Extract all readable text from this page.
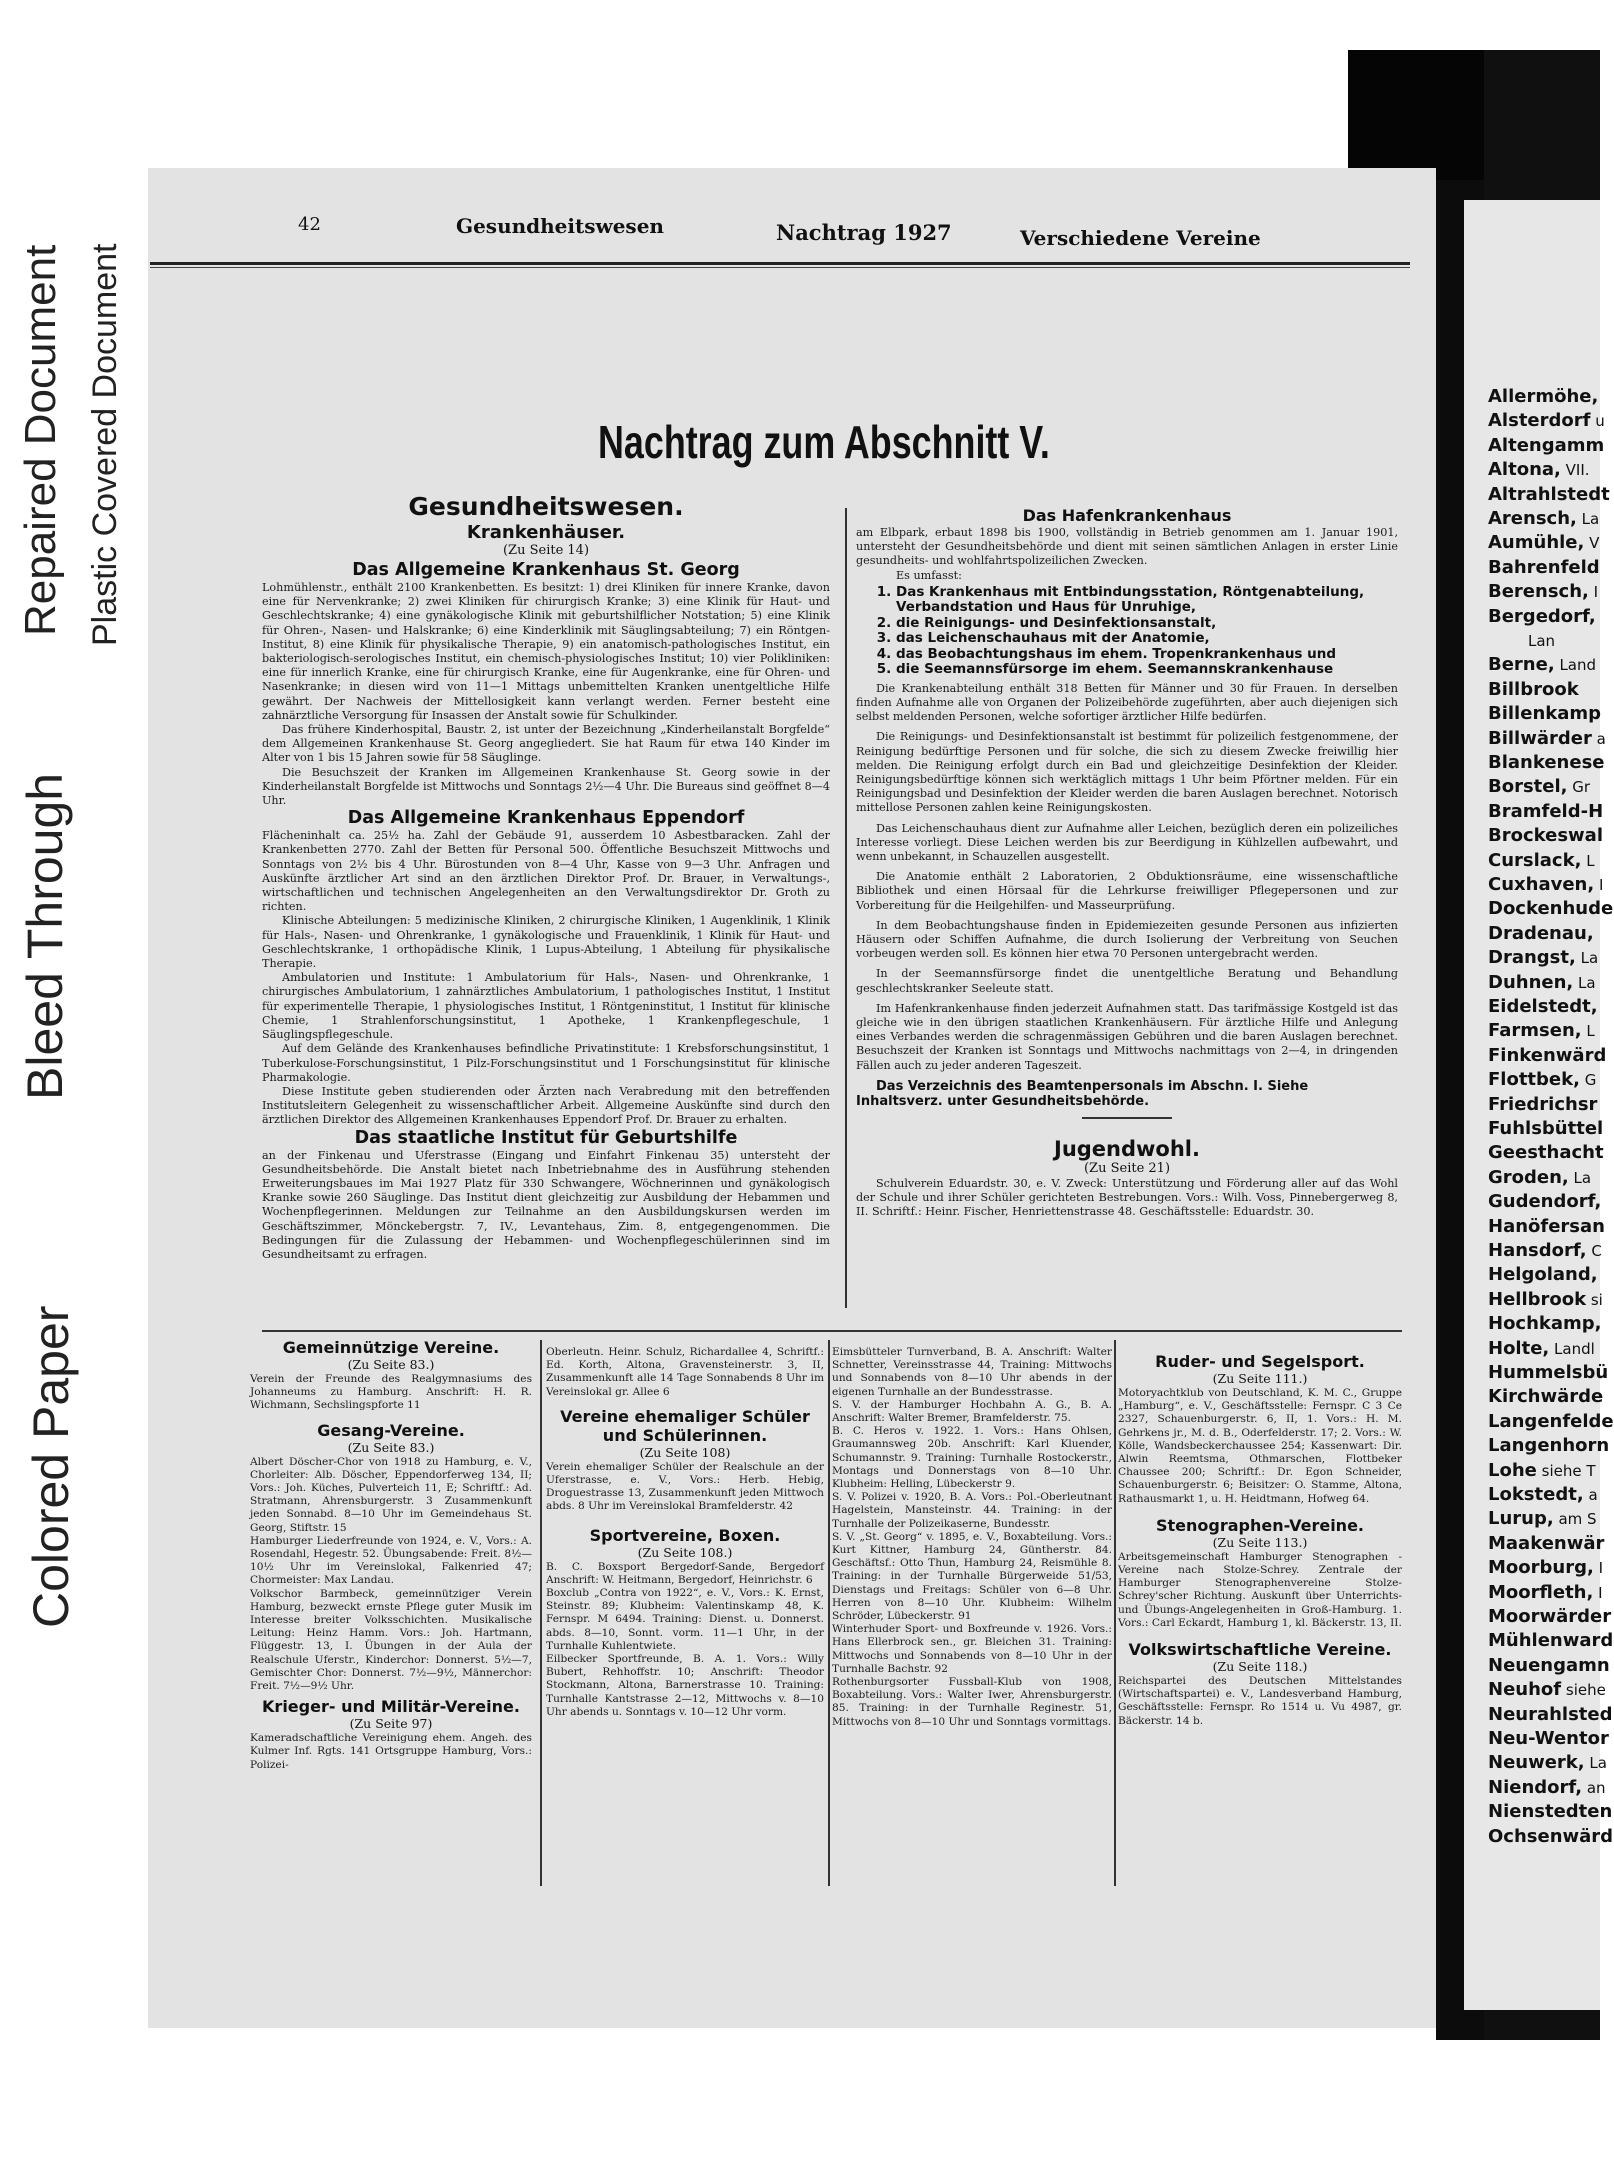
Colored Paper
Bleed Through
Repaired Document Plastic Covered Document	Allermöhe,
Alsterdorf u
Altengamm
Altona, VII.
Altrahlstedt
Arensch, La
Aumühle, V
Bahrenfeld
Berensch, I
Bergedorf,
Lan
Berne, Land
Billbrook
Billenkamp
Billwärder a
Blankenese
Borstel, Gr
Bramfeld-H
Brockeswal
Curslack, L
Cuxhaven, I
Dockenhude
Dradenau,
Drangst, La
Duhnen, La
Eidelstedt,
Farmsen, L
Finkenwärd
Flottbek, G
Friedrichsr
Fuhlsbüttel
Geesthacht
Groden, La
Gudendorf,
Hanöfersan
Hansdorf, C
Helgoland,
Hellbrook si
Hochkamp,
Holte, Landl
Hummelsbü
Kirchwärde
Langenfelde
Langenhorn
Lohe siehe T
Lokstedt, a
Lurup, am S
Maakenwär
Moorburg, I
Moorfleth, I
Moorwärder
Mühlenward
Neuengamn
Neuhof siehe
Neurahlsted
Neu-Wentor
Neuwerk, La
Niendorf, an
Nienstedten
Ochsenwärd
42	Gesundheitswesen	Nachtrag 1927	Verschiedene Vereine
Nachtrag zum Abschnitt V.
Gesundheitswesen.
Krankenhäuser.
(Zu Seite 14)
Das Allgemeine Krankenhaus St. Georg

Lohmühlenstr., enthält 2100 Krankenbetten. Es besitzt: 1) drei Kliniken für innere Kranke, davon eine für Nervenkranke; 2) zwei Kliniken für chirurgisch Kranke; 3) eine Klinik für Haut- und Geschlechtskranke; 4) eine gynäkologische Klinik mit geburtshilflicher Notstation; 5) eine Klinik für Ohren-, Nasen- und Halskranke; 6) eine Kinderklinik mit Säuglingsabteilung; 7) ein Röntgen-Institut, 8) eine Klinik für physikalische Therapie, 9) ein anatomisch-pathologisches Institut, ein bakteriologisch-serologisches Institut, ein chemisch-physiologisches Institut; 10) vier Polikliniken: eine für innerlich Kranke, eine für chirurgisch Kranke, eine für Augenkranke, eine für Ohren- und Nasenkranke; in diesen wird von 11—1 Mittags unbemittelten Kranken unentgeltliche Hilfe gewährt. Der Nachweis der Mittellosigkeit kann verlangt werden. Ferner besteht eine zahnärztliche Versorgung für Insassen der Anstalt sowie für Schulkinder.

Das frühere Kinderhospital, Baustr. 2, ist unter der Bezeichnung „Kinderheilanstalt Borgfelde“ dem Allgemeinen Krankenhause St. Georg angegliedert. Sie hat Raum für etwa 140 Kinder im Alter von 1 bis 15 Jahren sowie für 58 Säuglinge.

Die Besuchszeit der Kranken im Allgemeinen Krankenhause St. Georg sowie in der Kinderheilanstalt Borgfelde ist Mittwochs und Sonntags 2½—4 Uhr. Die Bureaus sind geöffnet 8—4 Uhr.

Das Allgemeine Krankenhaus Eppendorf

Flächeninhalt ca. 25½ ha. Zahl der Gebäude 91, ausserdem 10 Asbestbaracken. Zahl der Krankenbetten 2770. Zahl der Betten für Personal 500. Öffentliche Besuchszeit Mittwochs und Sonntags von 2½ bis 4 Uhr. Bürostunden von 8—4 Uhr, Kasse von 9—3 Uhr. Anfragen und Auskünfte ärztlicher Art sind an den ärztlichen Direktor Prof. Dr. Brauer, in Verwaltungs-, wirtschaftlichen und technischen Angelegenheiten an den Verwaltungsdirektor Dr. Groth zu richten.

Klinische Abteilungen: 5 medizinische Kliniken, 2 chirurgische Kliniken, 1 Augenklinik, 1 Klinik für Hals-, Nasen- und Ohrenkranke, 1 gynäkologische und Frauenklinik, 1 Klinik für Haut- und Geschlechtskranke, 1 orthopädische Klinik, 1 Lupus-Abteilung, 1 Abteilung für physikalische Therapie.

Ambulatorien und Institute: 1 Ambulatorium für Hals-, Nasen- und Ohrenkranke, 1 chirurgisches Ambulatorium, 1 zahnärztliches Ambulatorium, 1 pathologisches Institut, 1 Institut für experimentelle Therapie, 1 physiologisches Institut, 1 Röntgeninstitut, 1 Institut für klinische Chemie, 1 Strahlenforschungsinstitut, 1 Apotheke, 1 Krankenpflegeschule, 1 Säuglingspflegeschule.

Auf dem Gelände des Krankenhauses befindliche Privatinstitute: 1 Krebsforschungsinstitut, 1 Tuberkulose-Forschungsinstitut, 1 Pilz-Forschungsinstitut und 1 Forschungsinstitut für klinische Pharmakologie.

Diese Institute geben studierenden oder Ärzten nach Verabredung mit den betreffenden Institutsleitern Gelegenheit zu wissenschaftlicher Arbeit. Allgemeine Auskünfte sind durch den ärztlichen Direktor des Allgemeinen Krankenhauses Eppendorf Prof. Dr. Brauer zu erhalten.

Das staatliche Institut für Geburtshilfe

an der Finkenau und Uferstrasse (Eingang und Einfahrt Finkenau 35) untersteht der Gesundheitsbehörde. Die Anstalt bietet nach Inbetriebnahme des in Ausführung stehenden Erweiterungsbaues im Mai 1927 Platz für 330 Schwangere, Wöchnerinnen und gynäkologisch Kranke sowie 260 Säuglinge. Das Institut dient gleichzeitig zur Ausbildung der Hebammen und Wochenpflegerinnen. Meldungen zur Teilnahme an den Ausbildungskursen werden im Geschäftszimmer, Mönckebergstr. 7, IV., Levantehaus, Zim. 8, entgegengenommen. Die Bedingungen für die Zulassung der Hebammen- und Wochenpflegeschülerinnen sind im Gesundheitsamt zu erfragen.

Das Hafenkrankenhaus

am Elbpark, erbaut 1898 bis 1900, vollständig in Betrieb genommen am 1. Januar 1901, untersteht der Gesundheitsbehörde und dient mit seinen sämtlichen Anlagen in erster Linie gesundheits- und wohlfahrtspolizeilichen Zwecken.

Es umfasst:

1. Das Krankenhaus mit Entbindungsstation, Röntgenabteilung, Verbandstation und Haus für Unruhige,
2. die Reinigungs- und Desinfektionsanstalt,
3. das Leichenschauhaus mit der Anatomie,
4. das Beobachtungshaus im ehem. Tropenkrankenhaus und
5. die Seemannsfürsorge im ehem. Seemannskrankenhause

Die Krankenabteilung enthält 318 Betten für Männer und 30 für Frauen. In derselben finden Aufnahme alle von Organen der Polizeibehörde zugeführten, aber auch diejenigen sich selbst meldenden Personen, welche sofortiger ärztlicher Hilfe bedürfen.

Die Reinigungs- und Desinfektionsanstalt ist bestimmt für polizeilich festgenommene, der Reinigung bedürftige Personen und für solche, die sich zu diesem Zwecke freiwillig hier melden. Die Reinigung erfolgt durch ein Bad und gleichzeitige Desinfektion der Kleider. Reinigungsbedürftige können sich werktäglich mittags 1 Uhr beim Pförtner melden. Für ein Reinigungsbad und Desinfektion der Kleider werden die baren Auslagen berechnet. Notorisch mittellose Personen zahlen keine Reinigungskosten.

Das Leichenschauhaus dient zur Aufnahme aller Leichen, bezüglich deren ein polizeiliches Interesse vorliegt. Diese Leichen werden bis zur Beerdigung in Kühlzellen aufbewahrt, und wenn unbekannt, in Schauzellen ausgestellt.

Die Anatomie enthält 2 Laboratorien, 2 Obduktionsräume, eine wissenschaftliche Bibliothek und einen Hörsaal für die Lehrkurse freiwilliger Pflegepersonen und zur Vorbereitung für die Heilgehilfen- und Masseurprüfung.

In dem Beobachtungshause finden in Epidemiezeiten gesunde Personen aus infizierten Häusern oder Schiffen Aufnahme, die durch Isolierung der Verbreitung von Seuchen vorbeugen werden soll. Es können hier etwa 70 Personen untergebracht werden.

In der Seemannsfürsorge findet die unentgeltliche Beratung und Behandlung geschlechtskranker Seeleute statt.

Im Hafenkrankenhause finden jederzeit Aufnahmen statt. Das tarifmässige Kostgeld ist das gleiche wie in den übrigen staatlichen Krankenhäusern. Für ärztliche Hilfe und Anlegung eines Verbandes werden die schragenmässigen Gebühren und die baren Auslagen berechnet. Besuchszeit der Kranken ist Sonntags und Mittwochs nachmittags von 2—4, in dringenden Fällen auch zu jeder anderen Tageszeit.

Das Verzeichnis des Beamtenpersonals im Abschn. I. Siehe Inhaltsverz. unter Gesundheitsbehörde.
Jugendwohl.
(Zu Seite 21)

Schulverein Eduardstr. 30, e. V. Zweck: Unterstützung und Förderung aller auf das Wohl der Schule und ihrer Schüler gerichteten Bestrebungen. Vors.: Wilh. Voss, Pinnebergerweg 8, II. Schriftf.: Heinr. Fischer, Henriettenstrasse 48. Geschäftsstelle: Eduardstr. 30.

Gemeinnützige Vereine.
(Zu Seite 83.)

Verein der Freunde des Realgymnasiums des Johanneums zu Hamburg. Anschrift: H. R. Wichmann, Sechslingspforte 11

Gesang-Vereine.
(Zu Seite 83.)

Albert Döscher-Chor von 1918 zu Hamburg, e. V., Chorleiter: Alb. Döscher, Eppendorferweg 134, II; Vors.: Joh. Küches, Pulverteich 11, E; Schriftf.: Ad. Stratmann, Ahrensburgerstr. 3 Zusammenkunft jeden Sonnabd. 8—10 Uhr im Gemeindehaus St. Georg, Stiftstr. 15

Hamburger Liederfreunde von 1924, e. V., Vors.: A. Rosendahl, Hegestr. 52. Übungsabende: Freit. 8½—10½ Uhr im Vereinslokal, Falkenried 47; Chormeister: Max Landau.

Volkschor Barmbeck, gemeinnütziger Verein Hamburg, bezweckt ernste Pflege guter Musik im Interesse breiter Volksschichten. Musikalische Leitung: Heinz Hamm. Vors.: Joh. Hartmann, Flüggestr. 13, I. Übungen in der Aula der Realschule Uferstr., Kinderchor: Donnerst. 5½—7, Gemischter Chor: Donnerst. 7½—9½, Männerchor: Freit. 7½—9½ Uhr.

Krieger- und Militär-Vereine.
(Zu Seite 97)

Kameradschaftliche Vereinigung ehem. Angeh. des Kulmer Inf. Rgts. 141 Ortsgruppe Hamburg, Vors.: Polizei-

Oberleutn. Heinr. Schulz, Richardallee 4, Schriftf.: Ed. Korth, Altona, Gravensteinerstr. 3, II, Zusammenkunft alle 14 Tage Sonnabends 8 Uhr im Vereinslokal gr. Allee 6

Vereine ehemaliger Schüler und Schülerinnen.
(Zu Seite 108)

Verein ehemaliger Schüler der Realschule an der Uferstrasse, e. V., Vors.: Herb. Hebig, Droguestrasse 13, Zusammenkunft jeden Mittwoch abds. 8 Uhr im Vereinslokal Bramfelderstr. 42

Sportvereine, Boxen.
(Zu Seite 108.)

B. C. Boxsport Bergedorf-Sande, Bergedorf Anschrift: W. Heitmann, Bergedorf, Heinrichstr. 6

Boxclub „Contra von 1922“, e. V., Vors.: K. Ernst, Steinstr. 89; Klubheim: Valentinskamp 48, K. Fernspr. M 6494. Training: Dienst. u. Donnerst. abds. 8—10, Sonnt. vorm. 11—1 Uhr, in der Turnhalle Kuhlentwiete.

Eilbecker Sportfreunde, B. A. 1. Vors.: Willy Bubert, Rehhoffstr. 10; Anschrift: Theodor Stockmann, Altona, Barnerstrasse 10. Training: Turnhalle Kantstrasse 2—12, Mittwochs v. 8—10 Uhr abends u. Sonntags v. 10—12 Uhr vorm.

Eimsbütteler Turnverband, B. A. Anschrift: Walter Schnetter, Vereinsstrasse 44, Training: Mittwochs und Sonnabends von 8—10 Uhr abends in der eigenen Turnhalle an der Bundesstrasse.

S. V. der Hamburger Hochbahn A. G., B. A. Anschrift: Walter Bremer, Bramfelderstr. 75.

B. C. Heros v. 1922. 1. Vors.: Hans Ohlsen, Graumannsweg 20b. Anschrift: Karl Kluender, Schumannstr. 9. Training: Turnhalle Rostockerstr., Montags und Donnerstags von 8—10 Uhr. Klubheim: Helling, Lübeckerstr 9.

S. V. Polizei v. 1920, B. A. Vors.: Pol.-Oberleutnant Hagelstein, Mansteinstr. 44. Training: in der Turnhalle der Polizeikaserne, Bundesstr.

S. V. „St. Georg“ v. 1895, e. V., Boxabteilung. Vors.: Kurt Kittner, Hamburg 24, Güntherstr. 84. Geschäftsf.: Otto Thun, Hamburg 24, Reismühle 8. Training: in der Turnhalle Bürgerweide 51/53, Dienstags und Freitags: Schüler von 6—8 Uhr. Herren von 8—10 Uhr. Klubheim: Wilhelm Schröder, Lübeckerstr. 91

Winterhuder Sport- und Boxfreunde v. 1926. Vors.: Hans Ellerbrock sen., gr. Bleichen 31. Training: Mittwochs und Sonnabends von 8—10 Uhr in der Turnhalle Bachstr. 92

Rothenburgsorter Fussball-Klub von 1908, Boxabteilung. Vors.: Walter Iwer, Ahrensburgerstr. 85. Training: in der Turnhalle Reginestr. 51, Mittwochs von 8—10 Uhr und Sonntags vormittags.

Ruder- und Segelsport.
(Zu Seite 111.)

Motoryachtklub von Deutschland, K. M. C., Gruppe „Hamburg“, e. V., Geschäftsstelle: Fernspr. C 3 Ce 2327, Schauenburgerstr. 6, II, 1. Vors.: H. M. Gehrkens jr., M. d. B., Oderfelderstr. 17; 2. Vors.: W. Kölle, Wandsbeckerchaussee 254; Kassenwart: Dir. Alwin Reemtsma, Othmarschen, Flottbeker Chaussee 200; Schriftf.: Dr. Egon Schneider, Schauenburgerstr. 6; Beisitzer: O. Stamme, Altona, Rathausmarkt 1, u. H. Heidtmann, Hofweg 64.

Stenographen-Vereine.
(Zu Seite 113.)

Arbeitsgemeinschaft Hamburger Stenographen - Vereine nach Stolze-Schrey. Zentrale der Hamburger Stenographenvereine Stolze-Schrey'scher Richtung. Auskunft über Unterrichts- und Übungs-Angelegenheiten in Groß-Hamburg. 1. Vors.: Carl Eckardt, Hamburg 1, kl. Bäckerstr. 13, II.

Volkswirtschaftliche Vereine.
(Zu Seite 118.)

Reichspartei des Deutschen Mittelstandes (Wirtschaftspartei) e. V., Landesverband Hamburg, Geschäftsstelle: Fernspr. Ro 1514 u. Vu 4987, gr. Bäckerstr. 14 b.
